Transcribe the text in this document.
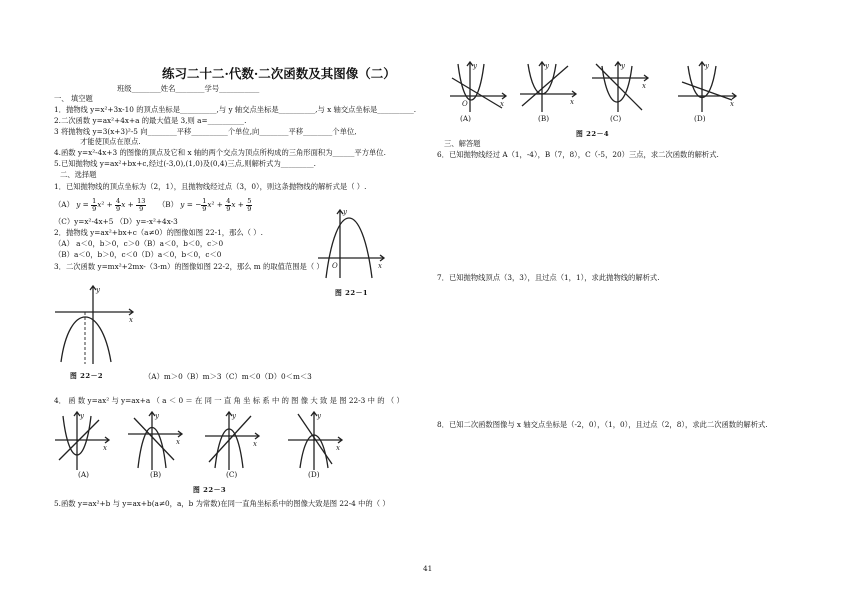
练习二十二·代数·二次函数及其图像（二）
班级________姓名________学号___________
一、 填空题
1．抛物线 y=x²+3x-10 的顶点坐标是__________,与 y 轴交点坐标是__________,与 x 轴交点坐标是__________.
2.二次函数 y=ax²+4x+a 的最大值是 3,则 a=__________.
3 将抛物线 y=3(x+3)²-5 向________平移__________个单位,向________平移________个单位,
才能使顶点在原点.
4.函数 y=x²-4x+3 的图像的顶点及它和 x 轴的两个交点为顶点所构成的三角形面积为______平方单位.
5.已知抛物线 y=ax²+bx+c,经过(-3,0),(1,0)及(0,4)三点,则解析式为_________.
二、选择题
1．已知抛物线的顶点坐标为（2，1），且抛物线经过点（3，0），则这条抛物线的解析式是（ ）.
（A） $y = \frac{1}{9} x^2 + \frac{4}{9}$ $x + \frac{13}{9} (B) y$ = − $\frac{1}{9} x^2 + \frac{4}{9}$ $x + \frac{5}{9}$
（C）y=x²-4x+5 （D）y=-x²+4x-3
2．抛物线 y=ax²+bx+c（a≠0）的图像如图 22-1，那么（ ）.
（A） a＜0，b＞0，c＞0（B）a＜0，b＜0，c＞0
（B）a＜0，b＞0，c＜0（D）a＜0，b＜0，c＜0
3．二次函数 y=mx²+2mx-（3-m）的图像如图 22-2，那么 m 的取值范围是（ ）	x
y
O
图 22－1
x
y
图 22－2	（A）m＞0（B）m＞3（C）m＜0（D）0＜m＜3
4． 函 数 y=ax² 与 y=ax+a （ a ＜ 0 ＝ 在 同 一 直 角 坐 标 系 中 的 图 像 大 致 是 图 22-3 中 的 （ ）
y
x
y
x
y
x
y
x
(A)	(B)	(C)	(D)
图 22－3
5.函数 y=ax²+b 与 y=ax+b(a≠0，a，b 为常数)在同一直角坐标系中的图像大致是图 22-4 中的（ ）
y
x
O
y
x
y
x
y
x
(A)	(B)	(C)	(D)
图 22－4
三、解答题
6．已知抛物线经过 A（1，-4），B（7，8），C（-5，20）三点，求二次函数的解析式.
7．已知抛物线顶点（3，3），且过点（1，1），求此抛物线的解析式.
8．已知二次函数图像与 x 轴交点坐标是（-2，0），（1，0），且过点（2，8），求此二次函数的解析式.
41
